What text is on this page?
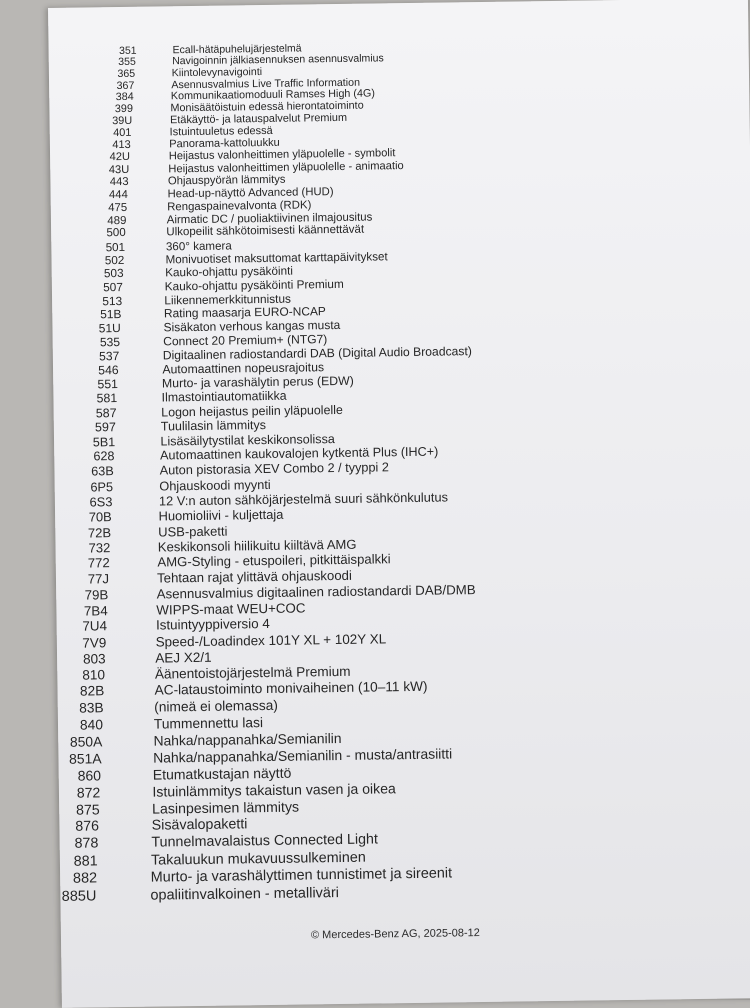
351	Ecall-hätäpuhelujärjestelmä
355	Navigoinnin jälkiasennuksen asennusvalmius
365	Kiintolevynavigointi
367	Asennusvalmius Live Traffic Information
384	Kommunikaatiomoduuli Ramses High (4G)
399	Monisäätöistuin edessä hierontatoiminto
39U	Etäkäyttö- ja latauspalvelut Premium
401	Istuintuuletus edessä
413	Panorama-kattoluukku
42U	Heijastus valonheittimen yläpuolelle - symbolit
43U	Heijastus valonheittimen yläpuolelle - animaatio
443	Ohjauspyörän lämmitys
444	Head-up-näyttö Advanced (HUD)
475	Rengaspainevalvonta (RDK)
489	Airmatic DC / puoliaktiivinen ilmajousitus
500	Ulkopeilit sähkötoimisesti käännettävät
501	360° kamera
502	Monivuotiset maksuttomat karttapäivitykset
503	Kauko-ohjattu pysäköinti
507	Kauko-ohjattu pysäköinti Premium
513	Liikennemerkkitunnistus
51B	Rating maasarja EURO-NCAP
51U	Sisäkaton verhous kangas musta
535	Connect 20 Premium+ (NTG7)
537	Digitaalinen radiostandardi DAB (Digital Audio Broadcast)
546	Automaattinen nopeusrajoitus
551	Murto- ja varashälytin perus (EDW)
581	Ilmastointiautomatiikka
587	Logon heijastus peilin yläpuolelle
597	Tuulilasin lämmitys
5B1	Lisäsäilytystilat keskikonsolissa
628	Automaattinen kaukovalojen kytkentä Plus (IHC+)
63B	Auton pistorasia XEV Combo 2 / tyyppi 2
6P5	Ohjauskoodi myynti
6S3	12 V:n auton sähköjärjestelmä suuri sähkönkulutus
70B	Huomioliivi - kuljettaja
72B	USB-paketti
732	Keskikonsoli hiilikuitu kiiltävä AMG
772	AMG-Styling - etuspoileri, pitkittäispalkki
77J	Tehtaan rajat ylittävä ohjauskoodi
79B	Asennusvalmius digitaalinen radiostandardi DAB/DMB
7B4	WIPPS-maat WEU+COC
7U4	Istuintyyppiversio 4
7V9	Speed-/Loadindex 101Y XL + 102Y XL
803	AEJ X2/1
810	Äänentoistojärjestelmä Premium
82B	AC-lataustoiminto monivaiheinen (10–11 kW)
83B	(nimeä ei olemassa)
840	Tummennettu lasi
850A	Nahka/nappanahka/Semianilin
851A	Nahka/nappanahka/Semianilin - musta/antrasiitti
860	Etumatkustajan näyttö
872	Istuinlämmitys takaistun vasen ja oikea
875	Lasinpesimen lämmitys
876	Sisävalopaketti
878	Tunnelmavalaistus Connected Light
881	Takaluukun mukavuussulkeminen
882	Murto- ja varashälyttimen tunnistimet ja sireenit
885U	opaliitinvalkoinen - metalliväri
© Mercedes-Benz AG, 2025-08-12
